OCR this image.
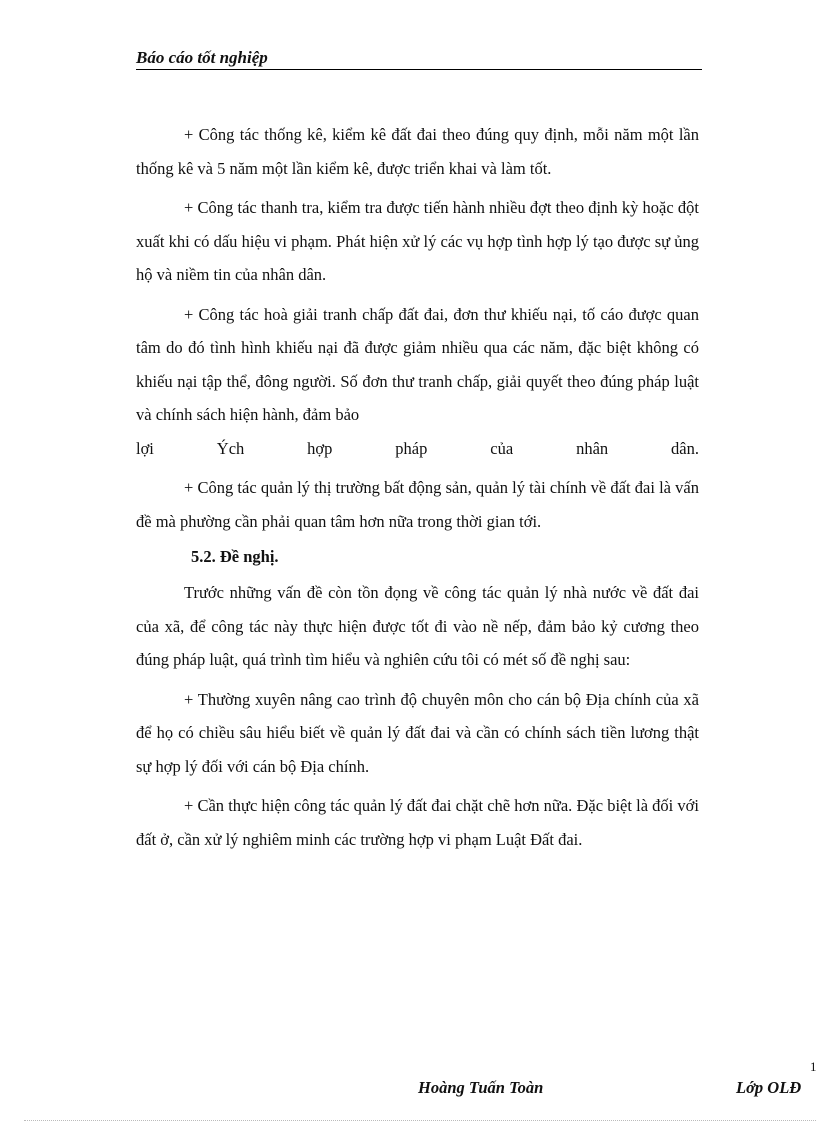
Báo cáo tốt nghiệp

+ Công tác thống kê, kiểm kê đất đai theo đúng quy định, mỗi năm một lần thống kê và 5 năm một lần kiểm kê, được triển khai và làm tốt.

+ Công tác thanh tra, kiểm tra được tiến hành nhiều đợt theo định kỳ hoặc đột xuất khi có dấu hiệu vi phạm. Phát hiện xử lý các vụ hợp tình hợp lý tạo được sự ủng hộ và niềm tin của nhân dân.

+ Công tác hoà giải tranh chấp đất đai, đơn thư khiếu nại, tố cáo được quan tâm do đó tình hình khiếu nại đã được giảm nhiều qua các năm, đặc biệt không có khiếu nại tập thể, đông người. Số đơn thư tranh chấp, giải quyết theo đúng pháp luật và chính sách hiện hành, đảm bảo

lợi Ých hợp pháp của nhân dân.

+ Công tác quản lý thị trường bất động sản, quản lý tài chính về đất đai là vấn đề mà phường cần phải quan tâm hơn nữa trong thời gian tới.

5.2. Đề nghị.

Trước những vấn đề còn tồn đọng về công tác quản lý nhà nước về đất đai của xã, để công tác này thực hiện được tốt đi vào nề nếp, đảm bảo kỷ cương theo đúng pháp luật, quá trình tìm hiểu và nghiên cứu tôi có mét số đề nghị sau:

+ Thường xuyên nâng cao trình độ chuyên môn cho cán bộ Địa chính của xã để họ có chiều sâu hiểu biết về quản lý đất đai và cần có chính sách tiền lương thật sự hợp lý đối với cán bộ Địa chính.

+ Cần thực hiện công tác quản lý đất đai chặt chẽ hơn nữa. Đặc biệt là đối với đất ở, cần xử lý nghiêm minh các trường hợp vi phạm Luật Đất đai.

1
Hoàng Tuấn Toàn	Lớp OLĐ
